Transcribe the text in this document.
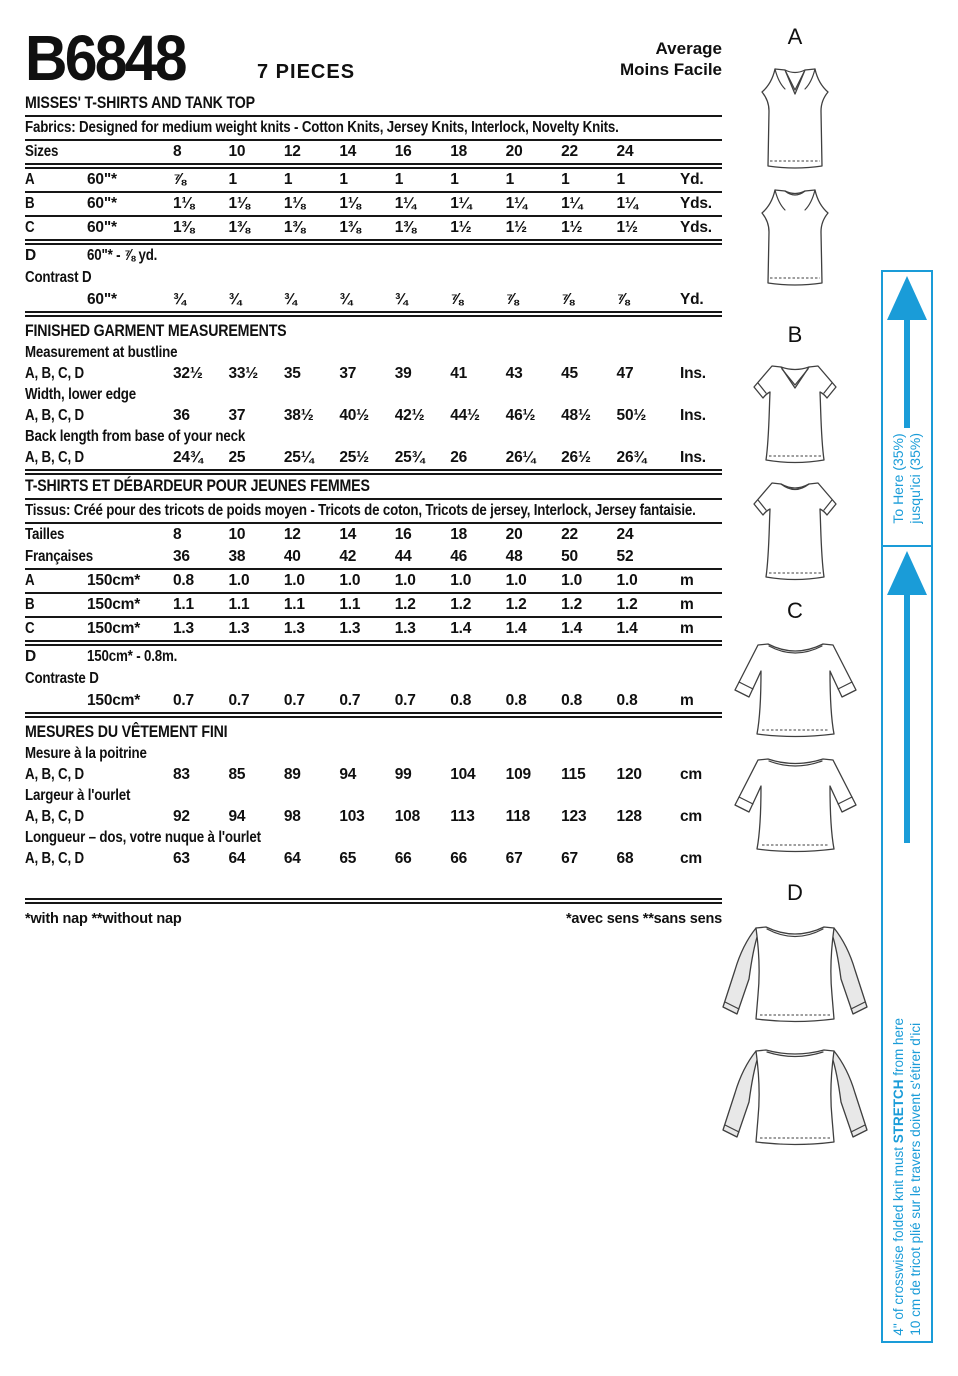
B6848	7 PIECES
Average
Moins Facile
MISSES' T-SHIRTS AND TANK TOP
Fabrics: Designed for medium weight knits - Cotton Knits, Jersey Knits, Interlock, Novelty Knits.
Sizes	8	10	12	14	16	18	20	22	24
A	60"*	⅞	1	1	1	1	1	1	1	1	Yd.
B	60"*	1⅛	1⅛	1⅛	1⅛	1¼	1¼	1¼	1¼	1¼	Yds.
C	60"*	1⅜	1⅜	1⅜	1⅜	1⅜	1½	1½	1½	1½	Yds.
D	60"* - ⅞ yd.
Contrast D
60"*	¾	¾	¾	¾	¾	⅞	⅞	⅞	⅞	Yd.
FINISHED GARMENT MEASUREMENTS
Measurement at bustline
A, B, C, D	32½	33½	35	37	39	41	43	45	47	Ins.
Width, lower edge
A, B, C, D	36	37	38½	40½	42½	44½	46½	48½	50½	Ins.
Back length from base of your neck
A, B, C, D	24¾	25	25¼	25½	25¾	26	26¼	26½	26¾	Ins.
T-SHIRTS ET DÉBARDEUR POUR JEUNES FEMMES
Tissus: Créé pour des tricots de poids moyen - Tricots de coton, Tricots de jersey, Interlock, Jersey fantaisie.
Tailles	8	10	12	14	16	18	20	22	24
Françaises	36	38	40	42	44	46	48	50	52
A	150cm*	0.8	1.0	1.0	1.0	1.0	1.0	1.0	1.0	1.0	m
B	150cm*	1.1	1.1	1.1	1.1	1.2	1.2	1.2	1.2	1.2	m
C	150cm*	1.3	1.3	1.3	1.3	1.3	1.4	1.4	1.4	1.4	m
D	150cm* - 0.8m.
Contraste D
150cm*	0.7	0.7	0.7	0.7	0.7	0.8	0.8	0.8	0.8	m
MESURES DU VÊTEMENT FINI
Mesure à la poitrine
A, B, C, D	83	85	89	94	99	104	109	115	120	cm
Largeur à l'ourlet
A, B, C, D	92	94	98	103	108	113	118	123	128	cm
Longueur – dos, votre nuque à l'ourlet
A, B, C, D	63	64	64	65	66	66	67	67	68	cm
*with nap **without nap	*avec sens **sans sens
A
B
C
D
To Here (35%)
jusqu'ici (35%)
4" of crosswise folded knit must STRETCH from here 10 cm de tricot plié sur le travers doivent s'étirer d'ici
